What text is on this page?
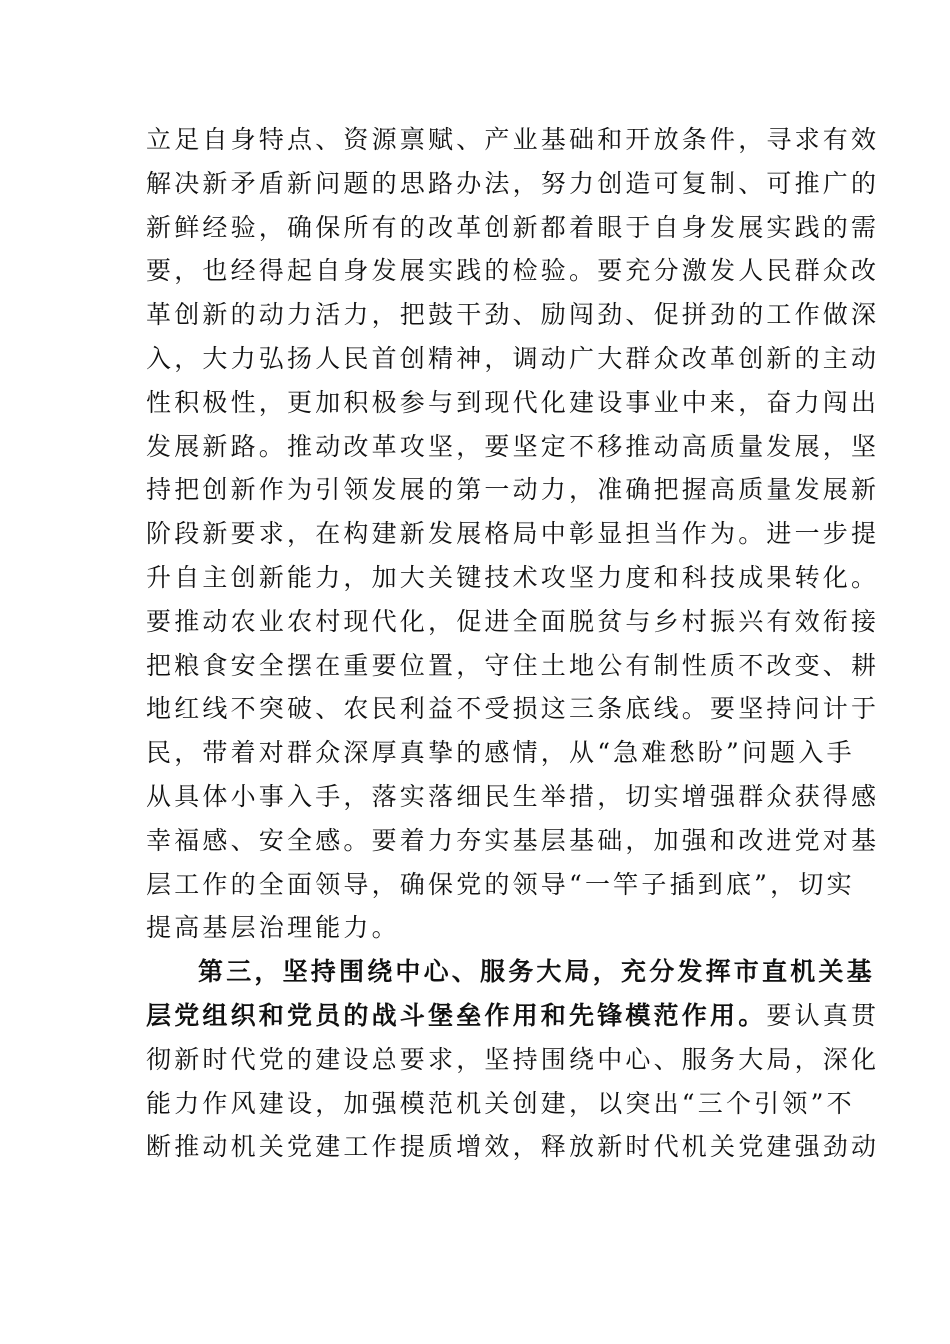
立足自身特点、资源禀赋、产业基础和开放条件，寻求有效
解决新矛盾新问题的思路办法，努力创造可复制、可推广的
新鲜经验，确保所有的改革创新都着眼于自身发展实践的需
要，也经得起自身发展实践的检验。要充分激发人民群众改
革创新的动力活力，把鼓干劲、励闯劲、促拼劲的工作做深
入，大力弘扬人民首创精神，调动广大群众改革创新的主动
性积极性，更加积极参与到现代化建设事业中来，奋力闯出
发展新路。推动改革攻坚，要坚定不移推动高质量发展，坚
持把创新作为引领发展的第一动力，准确把握高质量发展新
阶段新要求，在构建新发展格局中彰显担当作为。进一步提
升自主创新能力，加大关键技术攻坚力度和科技成果转化。
要推动农业农村现代化，促进全面脱贫与乡村振兴有效衔接
把粮食安全摆在重要位置，守住土地公有制性质不改变、耕
地红线不突破、农民利益不受损这三条底线。要坚持问计于
民，带着对群众深厚真挚的感情，从“急难愁盼”问题入手
从具体小事入手，落实落细民生举措，切实增强群众获得感
幸福感、安全感。要着力夯实基层基础，加强和改进党对基
层工作的全面领导，确保党的领导“一竿子插到底”，切实
提高基层治理能力。
第三，坚持围绕中心、服务大局，充分发挥市直机关基
层党组织和党员的战斗堡垒作用和先锋模范作用。要认真贯
彻新时代党的建设总要求，坚持围绕中心、服务大局，深化
能力作风建设，加强模范机关创建，以突出“三个引领”不
断推动机关党建工作提质增效，释放新时代机关党建强劲动
